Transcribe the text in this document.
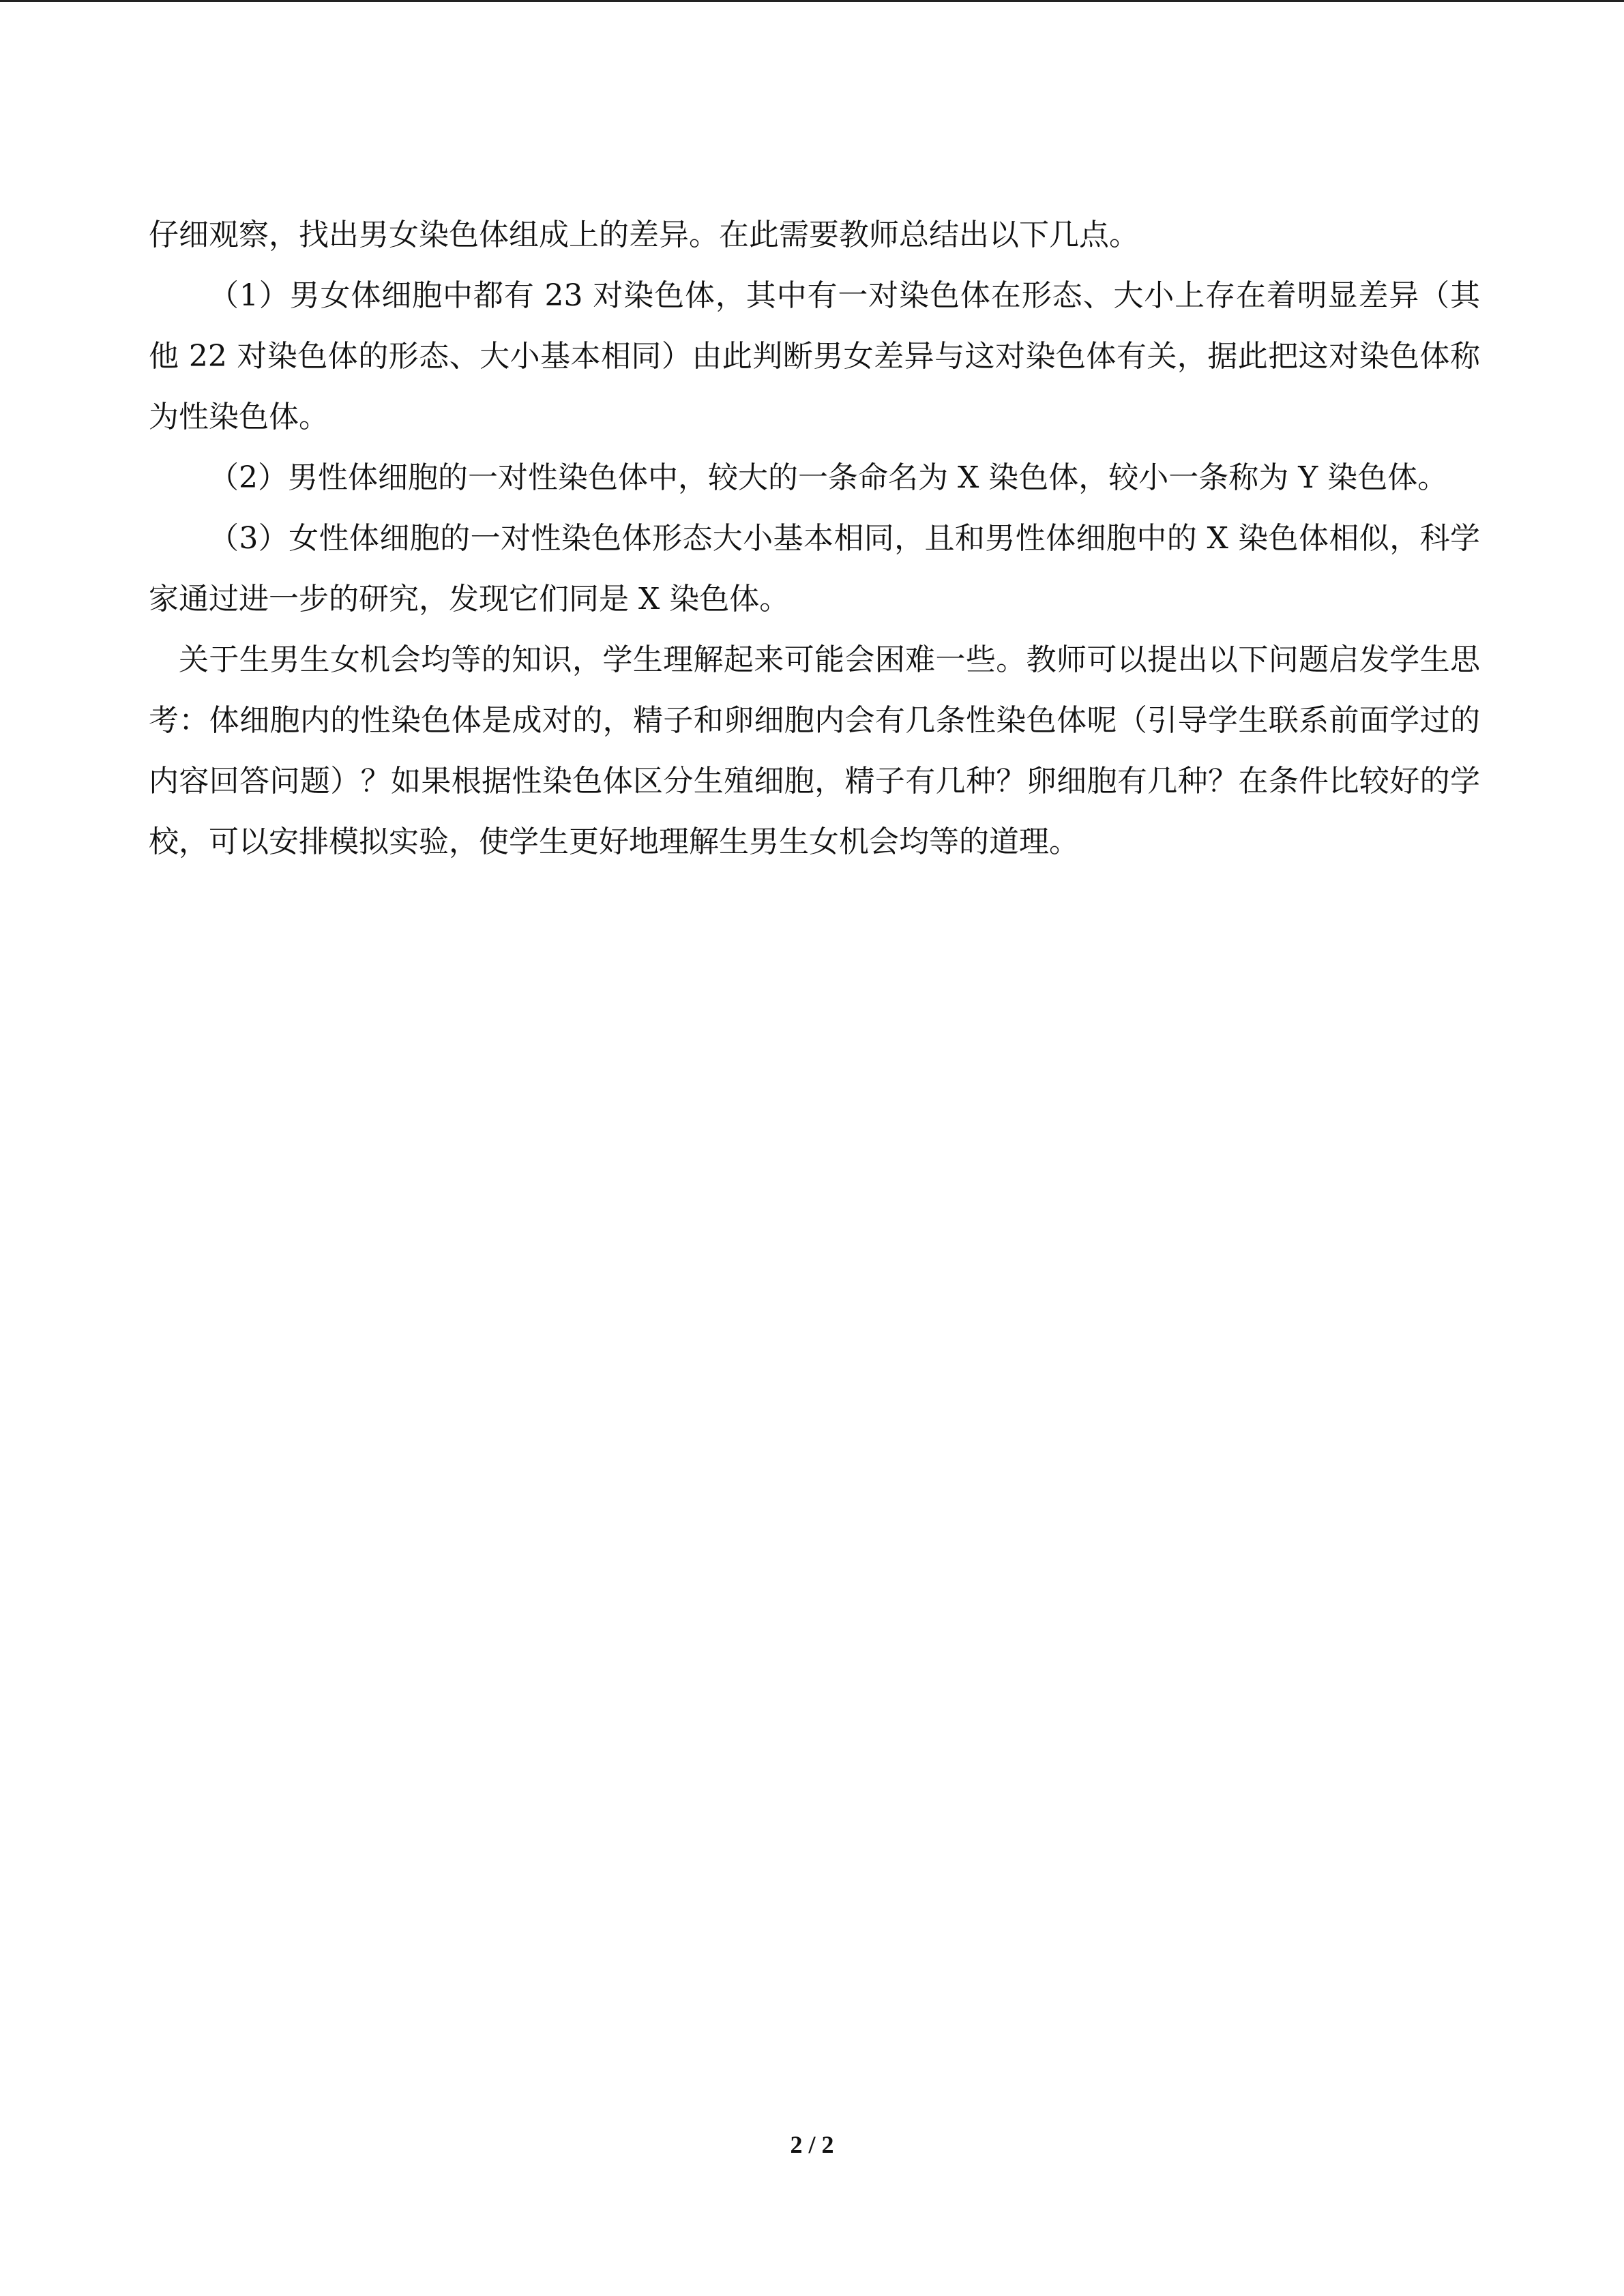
仔细观察，找出男女染色体组成上的差异。在此需要教师总结出以下几点。

（1）男女体细胞中都有 23 对染色体，其中有一对染色体在形态、大小上存在着明显差异（其他 22 对染色体的形态、大小基本相同）由此判断男女差异与这对染色体有关，据此把这对染色体称为性染色体。

（2）男性体细胞的一对性染色体中，较大的一条命名为 X 染色体，较小一条称为 Y 染色体。

（3）女性体细胞的一对性染色体形态大小基本相同，且和男性体细胞中的 X 染色体相似，科学家通过进一步的研究，发现它们同是 X 染色体。

关于生男生女机会均等的知识，学生理解起来可能会困难一些。教师可以提出以下问题启发学生思考：体细胞内的性染色体是成对的，精子和卵细胞内会有几条性染色体呢（引导学生联系前面学过的内容回答问题）？如果根据性染色体区分生殖细胞，精子有几种？卵细胞有几种？在条件比较好的学校，可以安排模拟实验，使学生更好地理解生男生女机会均等的道理。

2 / 2
